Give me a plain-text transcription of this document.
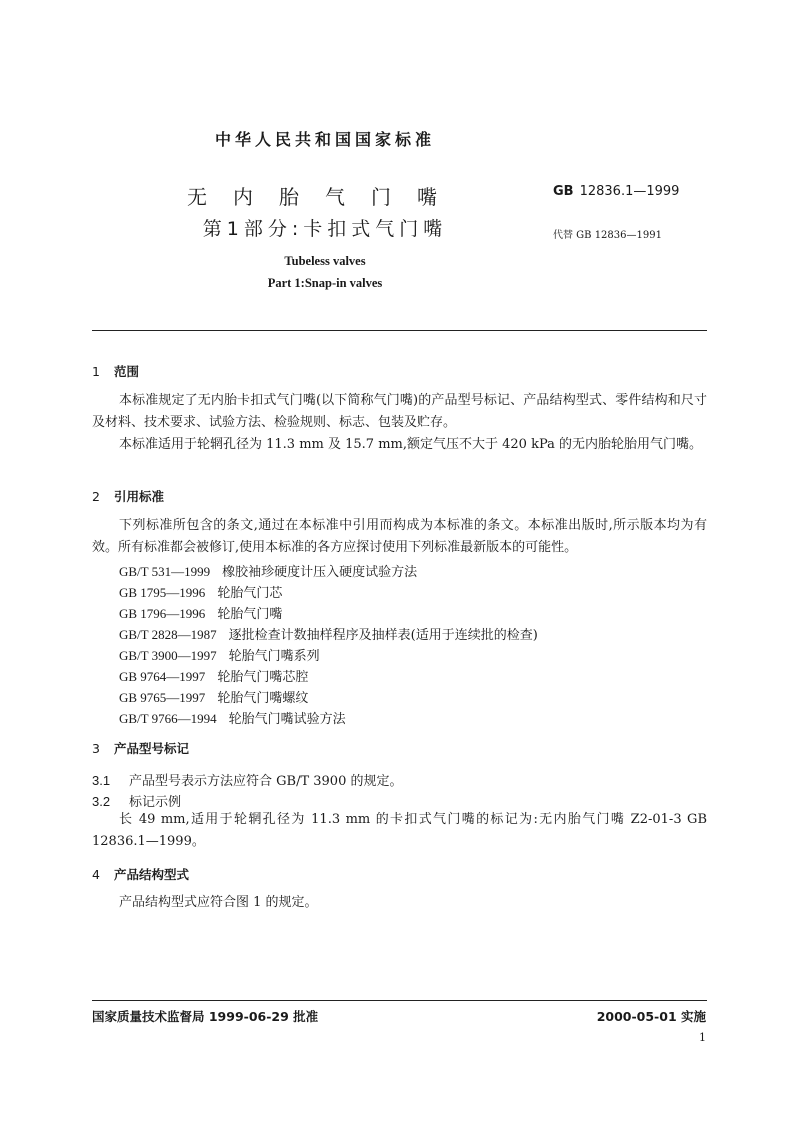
中华人民共和国国家标准
无内胎气门嘴
第1部分:卡扣式气门嘴
GB 12836.1—1999
代替 GB 12836—1991
Tubeless valves
Part 1:Snap-in valves
1 范围
本标准规定了无内胎卡扣式气门嘴(以下简称气门嘴)的产品型号标记、产品结构型式、零件结构和尺寸及材料、技术要求、试验方法、检验规则、标志、包装及贮存。
本标准适用于轮辋孔径为 11.3 mm 及 15.7 mm,额定气压不大于 420 kPa 的无内胎轮胎用气门嘴。
2 引用标准
下列标准所包含的条文,通过在本标准中引用而构成为本标准的条文。本标准出版时,所示版本均为有效。所有标准都会被修订,使用本标准的各方应探讨使用下列标准最新版本的可能性。
GB/T 531—1999 橡胶袖珍硬度计压入硬度试验方法
GB 1795—1996 轮胎气门芯
GB 1796—1996 轮胎气门嘴
GB/T 2828—1987 逐批检查计数抽样程序及抽样表(适用于连续批的检查)
GB/T 3900—1997 轮胎气门嘴系列
GB 9764—1997 轮胎气门嘴芯腔
GB 9765—1997 轮胎气门嘴螺纹
GB/T 9766—1994 轮胎气门嘴试验方法
3 产品型号标记
3.1 产品型号表示方法应符合 GB/T 3900 的规定。
3.2 标记示例
长 49 mm,适用于轮辋孔径为 11.3 mm 的卡扣式气门嘴的标记为:无内胎气门嘴 Z2-01-3 GB 12836.1—1999。
4 产品结构型式
产品结构型式应符合图 1 的规定。
国家质量技术监督局 1999-06-29 批准	2000-05-01 实施
1
